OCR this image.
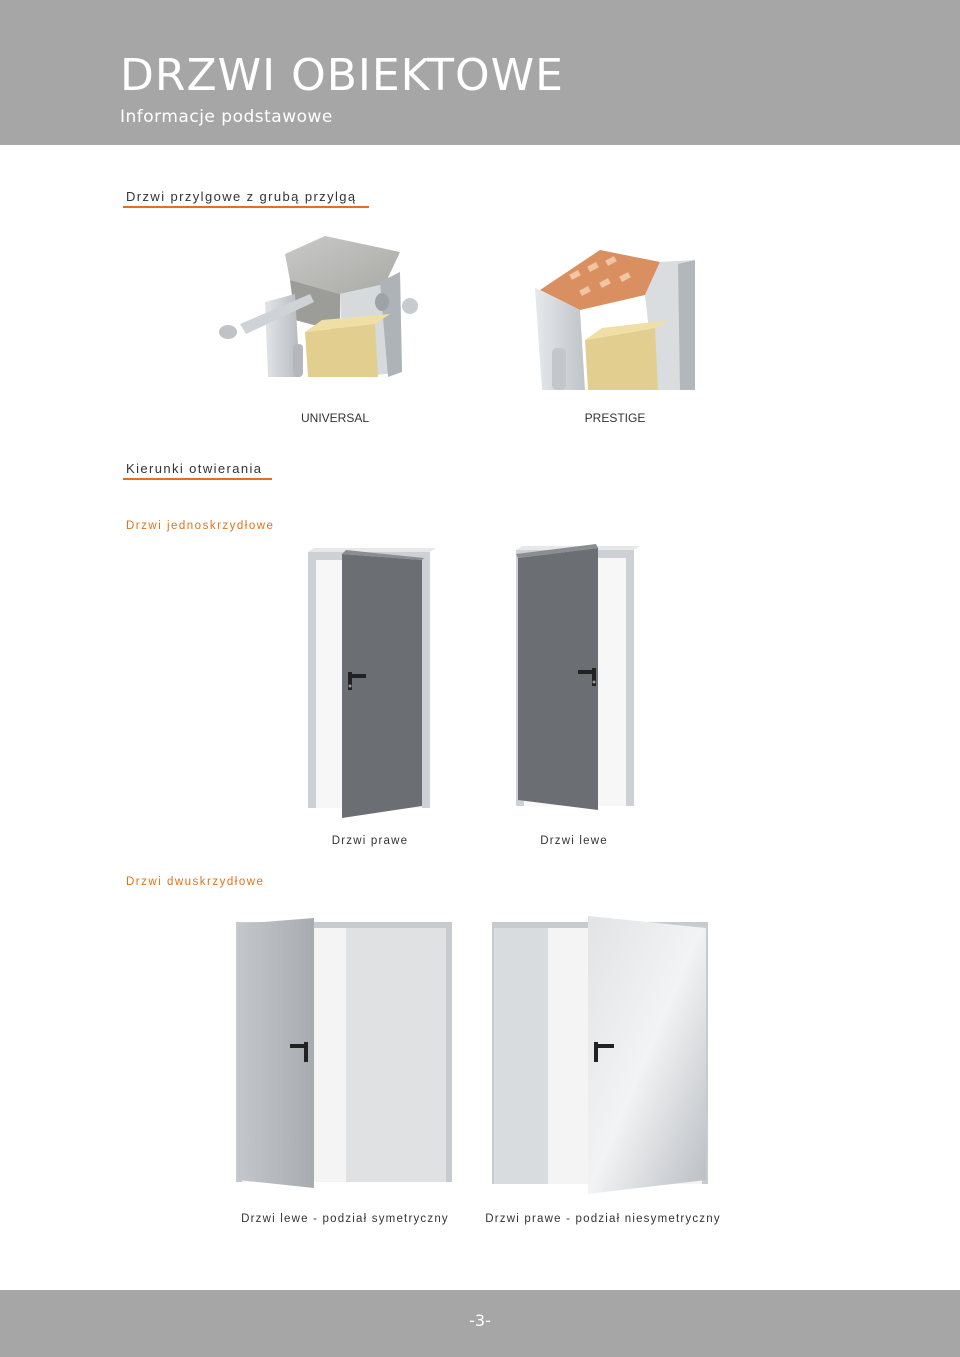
DRZWI OBIEKTOWE
Informacje podstawowe
Drzwi przylgowe z grubą przylgą
UNIVERSAL	PRESTIGE
Kierunki otwierania
Drzwi jednoskrzydłowe
Drzwi prawe	Drzwi lewe
Drzwi dwuskrzydłowe
Drzwi lewe - podział symetryczny	Drzwi prawe - podział niesymetryczny
-3-
